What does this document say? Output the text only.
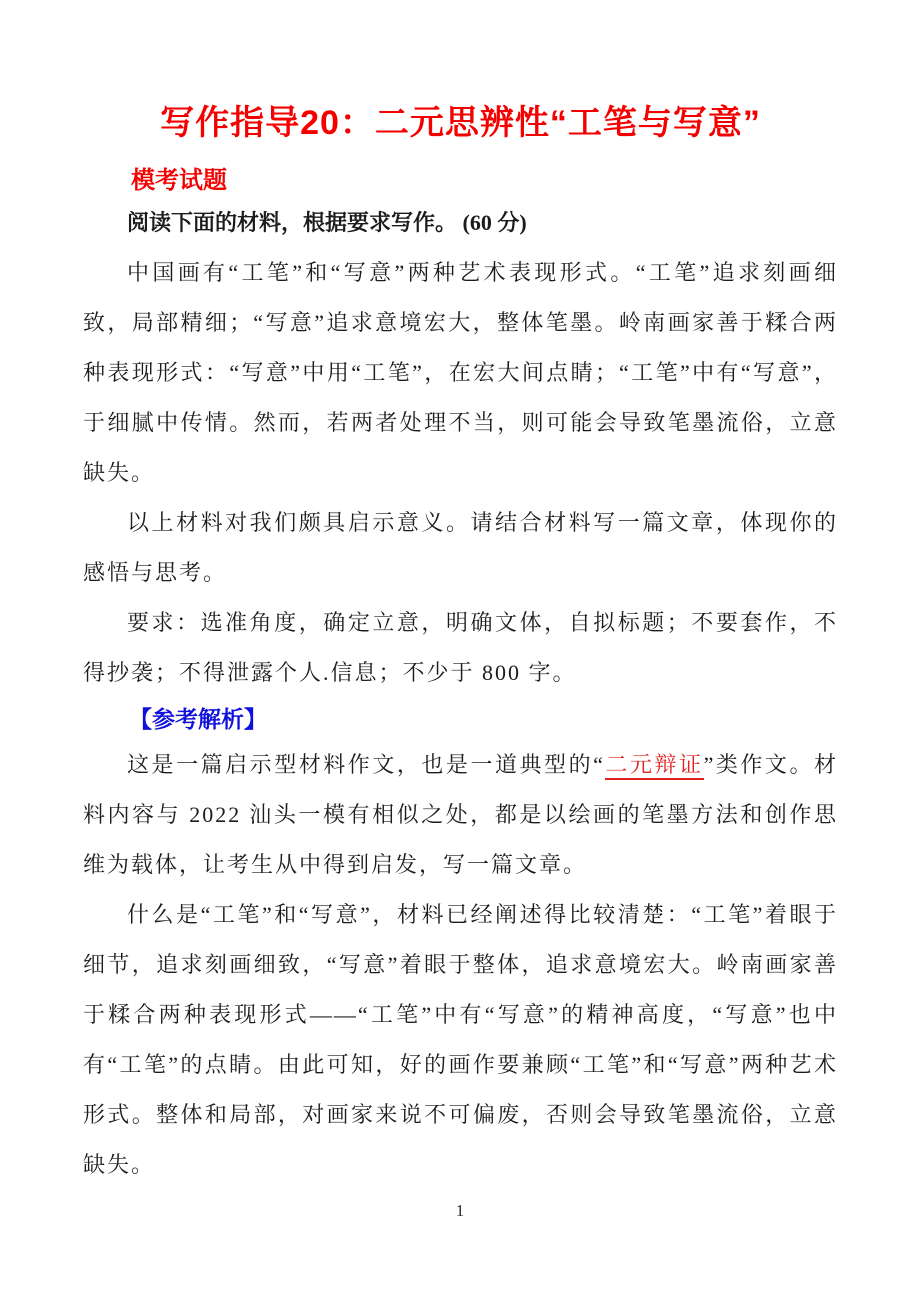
写作指导20：二元思辨性“工笔与写意”
模考试题

阅读下面的材料，根据要求写作。 (60 分)

中国画有“工笔”和“写意”两种艺术表现形式。“工笔”追求刻画细致，局部精细；“写意”追求意境宏大，整体笔墨。岭南画家善于糅合两种表现形式：“写意”中用“工笔”，在宏大间点睛；“工笔”中有“写意”，于细腻中传情。然而，若两者处理不当，则可能会导致笔墨流俗，立意缺失。

以上材料对我们颇具启示意义。请结合材料写一篇文章，体现你的感悟与思考。

要求：选准角度，确定立意，明确文体，自拟标题；不要套作，不得抄袭；不得泄露个人.信息；不少于 800 字。

【参考解析】

这是一篇启示型材料作文，也是一道典型的“二元辩证”类作文。材料内容与 2022 汕头一模有相似之处，都是以绘画的笔墨方法和创作思维为载体，让考生从中得到启发，写一篇文章。

什么是“工笔”和“写意”，材料已经阐述得比较清楚：“工笔”着眼于细节，追求刻画细致，“写意”着眼于整体，追求意境宏大。岭南画家善于糅合两种表现形式——“工笔”中有“写意”的精神高度，“写意”也中有“工笔”的点睛。由此可知，好的画作要兼顾“工笔”和“写意”两种艺术形式。整体和局部，对画家来说不可偏废，否则会导致笔墨流俗，立意缺失。

1
